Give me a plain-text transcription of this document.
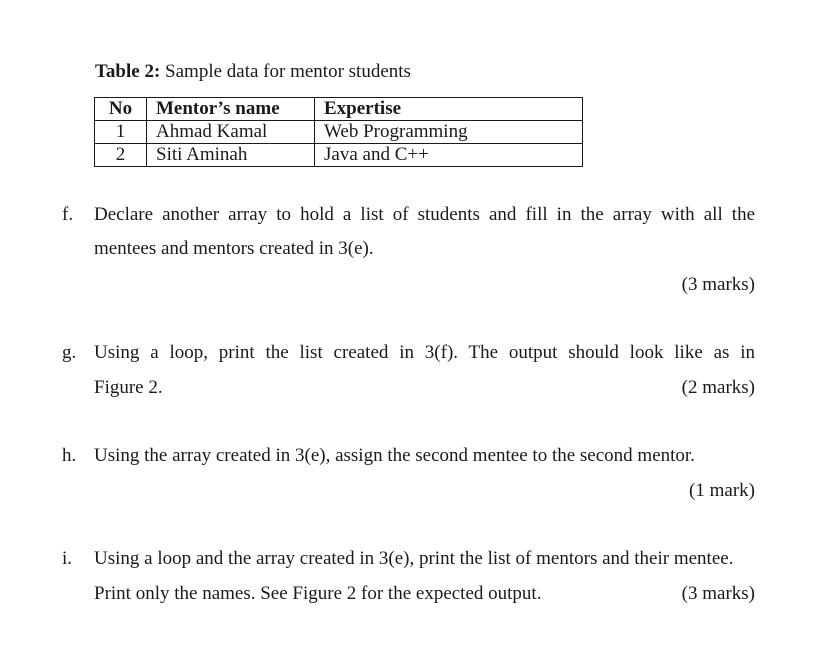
Table 2: Sample data for mentor students
No	Mentor’s name	Expertise
1	Ahmad Kamal	Web Programming
2	Siti Aminah	Java and C++
f. Declare another array to hold a list of students and fill in the array with all the
mentees and mentors created in 3(e).
(3 marks)
g. Using a loop, print the list created in 3(f). The output should look like as in
Figure 2.	(2 marks)
h. Using the array created in 3(e), assign the second mentee to the second mentor.
(1 mark)
i. Using a loop and the array created in 3(e), print the list of mentors and their mentee.
Print only the names. See Figure 2 for the expected output.	(3 marks)
